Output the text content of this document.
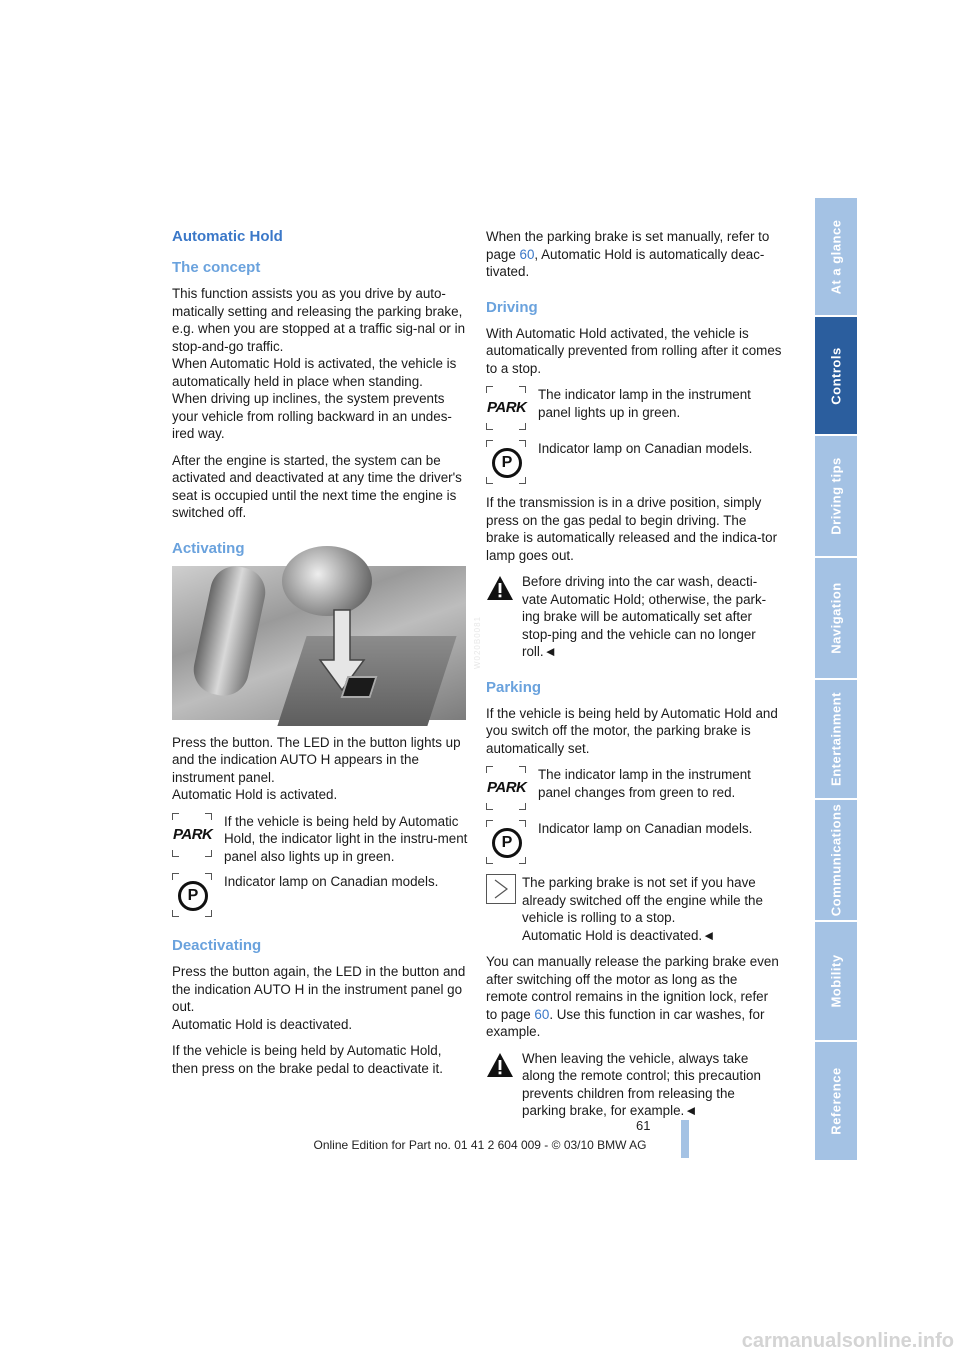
Automatic Hold
The concept

This function assists you as you drive by auto-matically setting and releasing the parking brake, e.g. when you are stopped at a traffic sig-nal or in stop-and-go traffic.

When Automatic Hold is activated, the vehicle is automatically held in place when standing.

When driving up inclines, the system prevents your vehicle from rolling backward in an undes-ired way.

After the engine is started, the system can be activated and deactivated at any time the driver's seat is occupied until the next time the engine is switched off.

Activating
W020B0081

Press the button. The LED in the button lights up and the indication AUTO H appears in the instrument panel.

Automatic Hold is activated.

PARK

If the vehicle is being held by Automatic Hold, the indicator light in the instru-ment panel also lights up in green.

P

Indicator lamp on Canadian models.

Deactivating

Press the button again, the LED in the button and the indication AUTO H in the instrument panel go out.

Automatic Hold is deactivated.

If the vehicle is being held by Automatic Hold, then press on the brake pedal to deactivate it.

When the parking brake is set manually, refer to page 60, Automatic Hold is automatically deac-tivated.

Driving

With Automatic Hold activated, the vehicle is automatically prevented from rolling after it comes to a stop.

PARK

The indicator lamp in the instrument panel lights up in green.

P

Indicator lamp on Canadian models.

If the transmission is in a drive position, simply press on the gas pedal to begin driving. The brake is automatically released and the indica-tor lamp goes out.

Before driving into the car wash, deacti-vate Automatic Hold; otherwise, the park-ing brake will be automatically set after stop-ping and the vehicle can no longer roll.◄

Parking

If the vehicle is being held by Automatic Hold and you switch off the motor, the parking brake is automatically set.

PARK

The indicator lamp in the instrument panel changes from green to red.

P

Indicator lamp on Canadian models.

The parking brake is not set if you have already switched off the engine while the vehicle is rolling to a stop.

Automatic Hold is deactivated.◄

You can manually release the parking brake even after switching off the motor as long as the remote control remains in the ignition lock, refer to page 60. Use this function in car washes, for example.

When leaving the vehicle, always take along the remote control; this precaution prevents children from releasing the parking brake, for example.◄

At a glance
Controls
Driving tips
Navigation
Entertainment
Communications
Mobility
Reference
61
Online Edition for Part no. 01 41 2 604 009 - © 03/10 BMW AG
carmanualsonline.info
